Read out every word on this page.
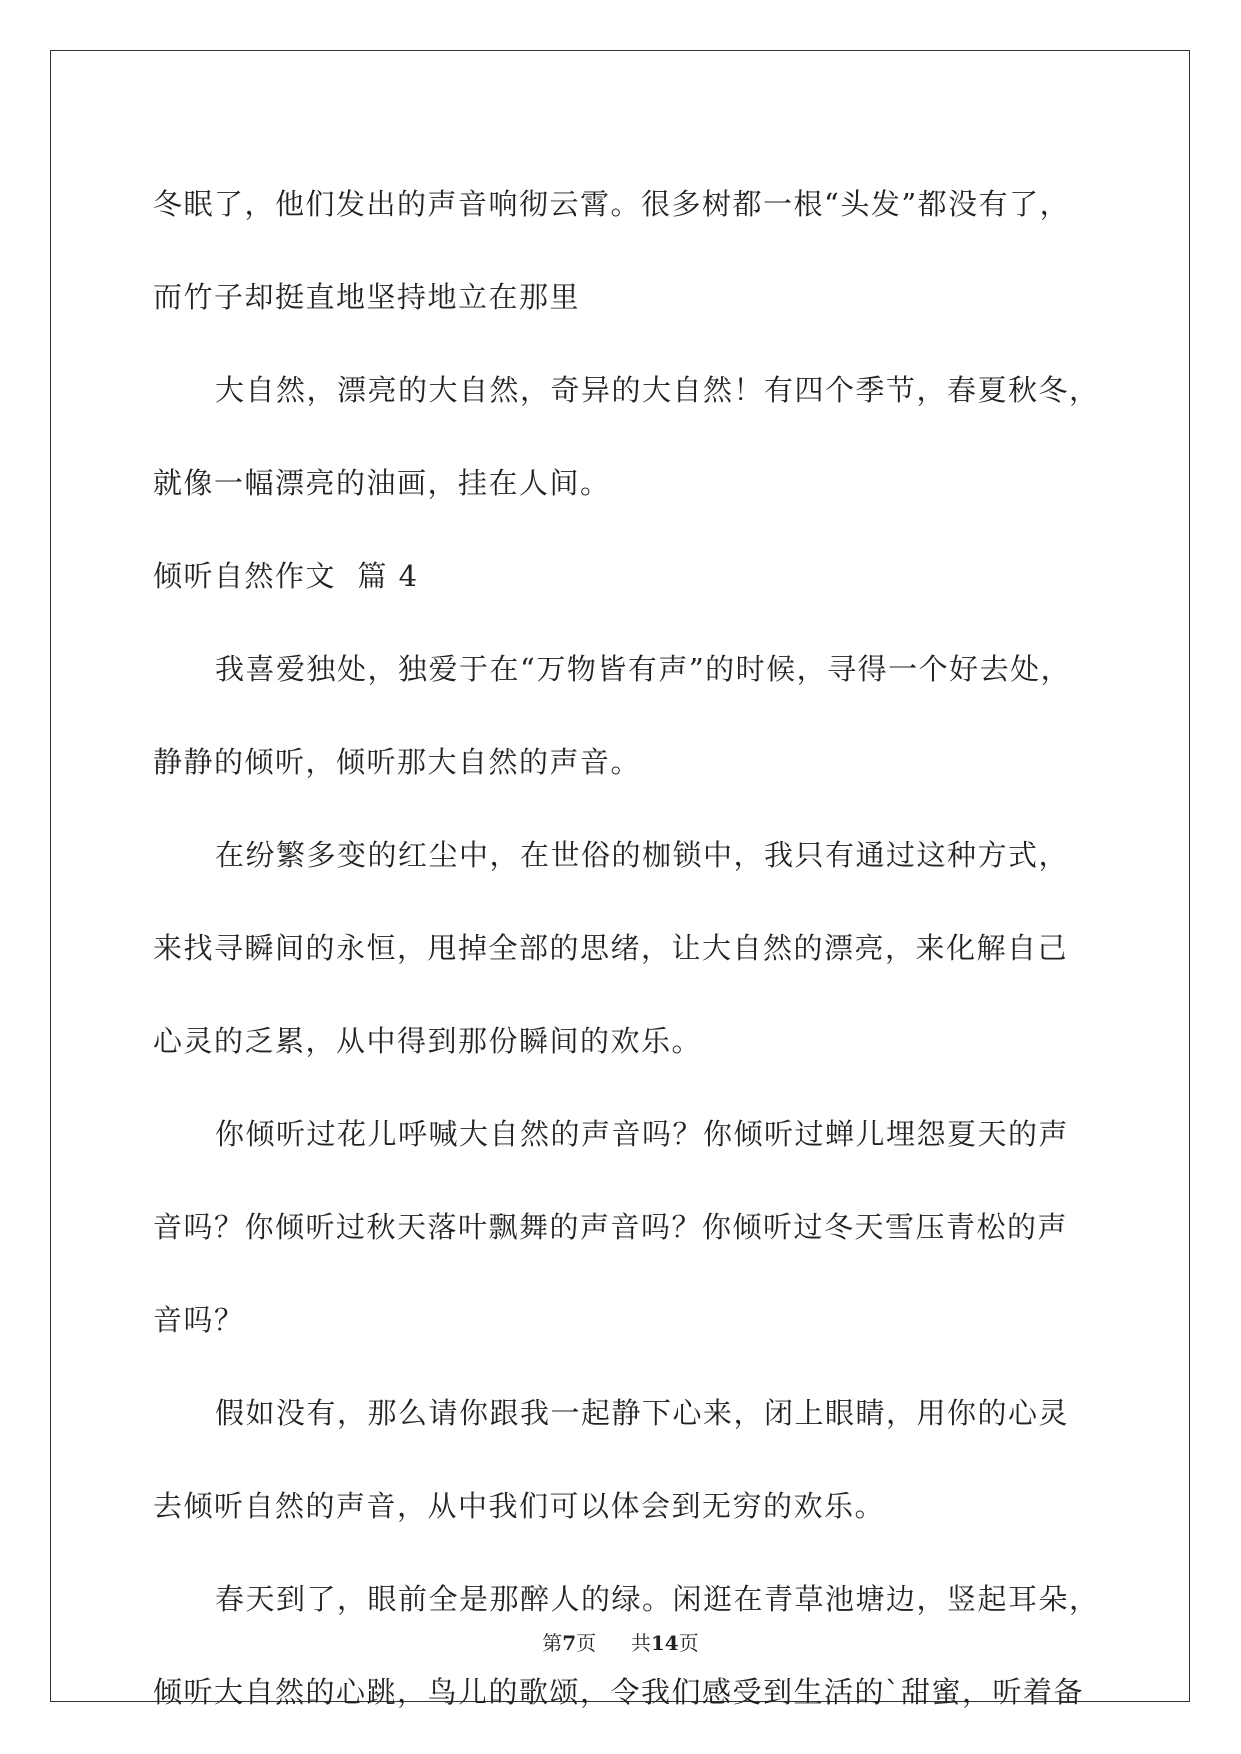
冬眠了，他们发出的声音响彻云霄。很多树都一根“头发”都没有了，
而竹子却挺直地坚持地立在那里
大自然，漂亮的大自然，奇异的大自然！有四个季节，春夏秋冬，
就像一幅漂亮的油画，挂在人间。
倾听自然作文  篇 4
我喜爱独处，独爱于在“万物皆有声”的时候，寻得一个好去处，
静静的倾听，倾听那大自然的声音。
在纷繁多变的红尘中，在世俗的枷锁中，我只有通过这种方式，
来找寻瞬间的永恒，甩掉全部的思绪，让大自然的漂亮，来化解自己
心灵的乏累，从中得到那份瞬间的欢乐。
你倾听过花儿呼喊大自然的声音吗？你倾听过蝉儿埋怨夏天的声
音吗？你倾听过秋天落叶飘舞的声音吗？你倾听过冬天雪压青松的声
音吗？
假如没有，那么请你跟我一起静下心来，闭上眼睛，用你的心灵
去倾听自然的声音，从中我们可以体会到无穷的欢乐。
春天到了，眼前全是那醉人的绿。闲逛在青草池塘边，竖起耳朵，
倾听大自然的心跳，鸟儿的歌颂，令我们感受到生活的`甜蜜，听着备
第7页 共14页
